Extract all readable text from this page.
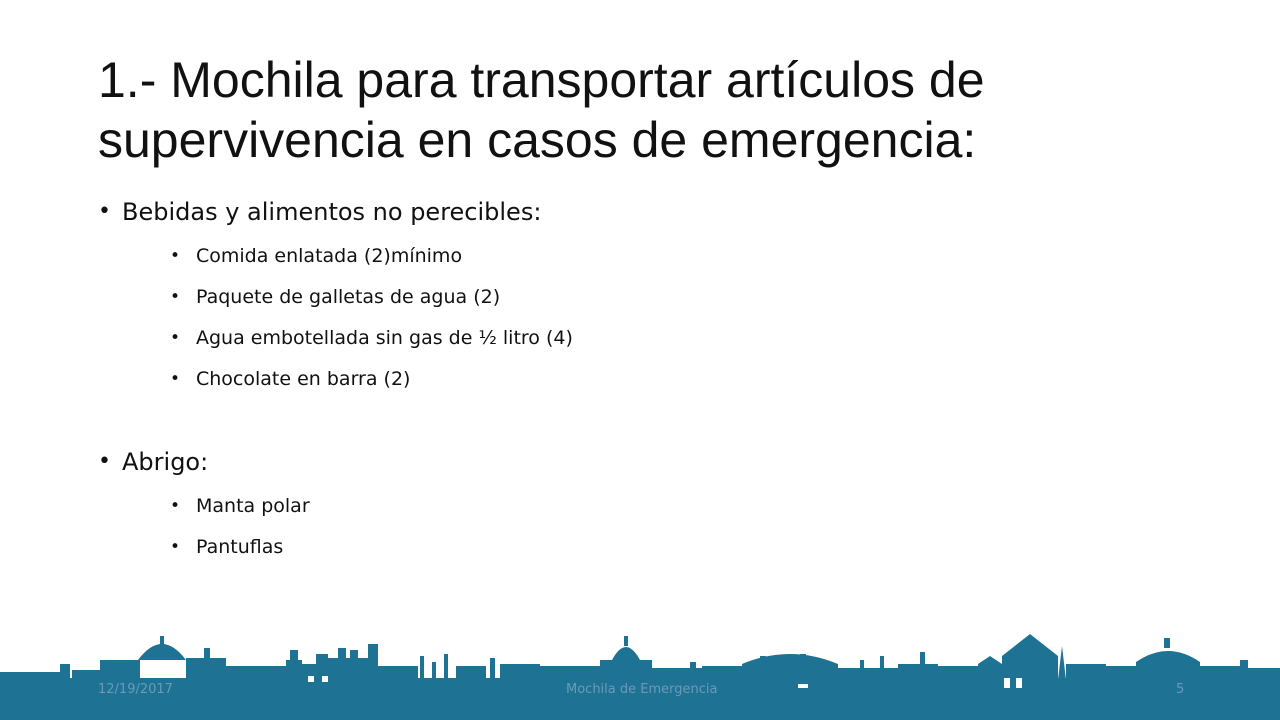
1.- Mochila para transportar artículos de supervivencia en casos de emergencia:
• Bebidas y alimentos no perecibles:
• Comida enlatada (2)mínimo
• Paquete de galletas de agua (2)
• Agua embotellada sin gas de ½ litro (4)
• Chocolate en barra (2)
• Abrigo:
• Manta polar
• Pantuflas
12/19/2017	Mochila de Emergencia	5
